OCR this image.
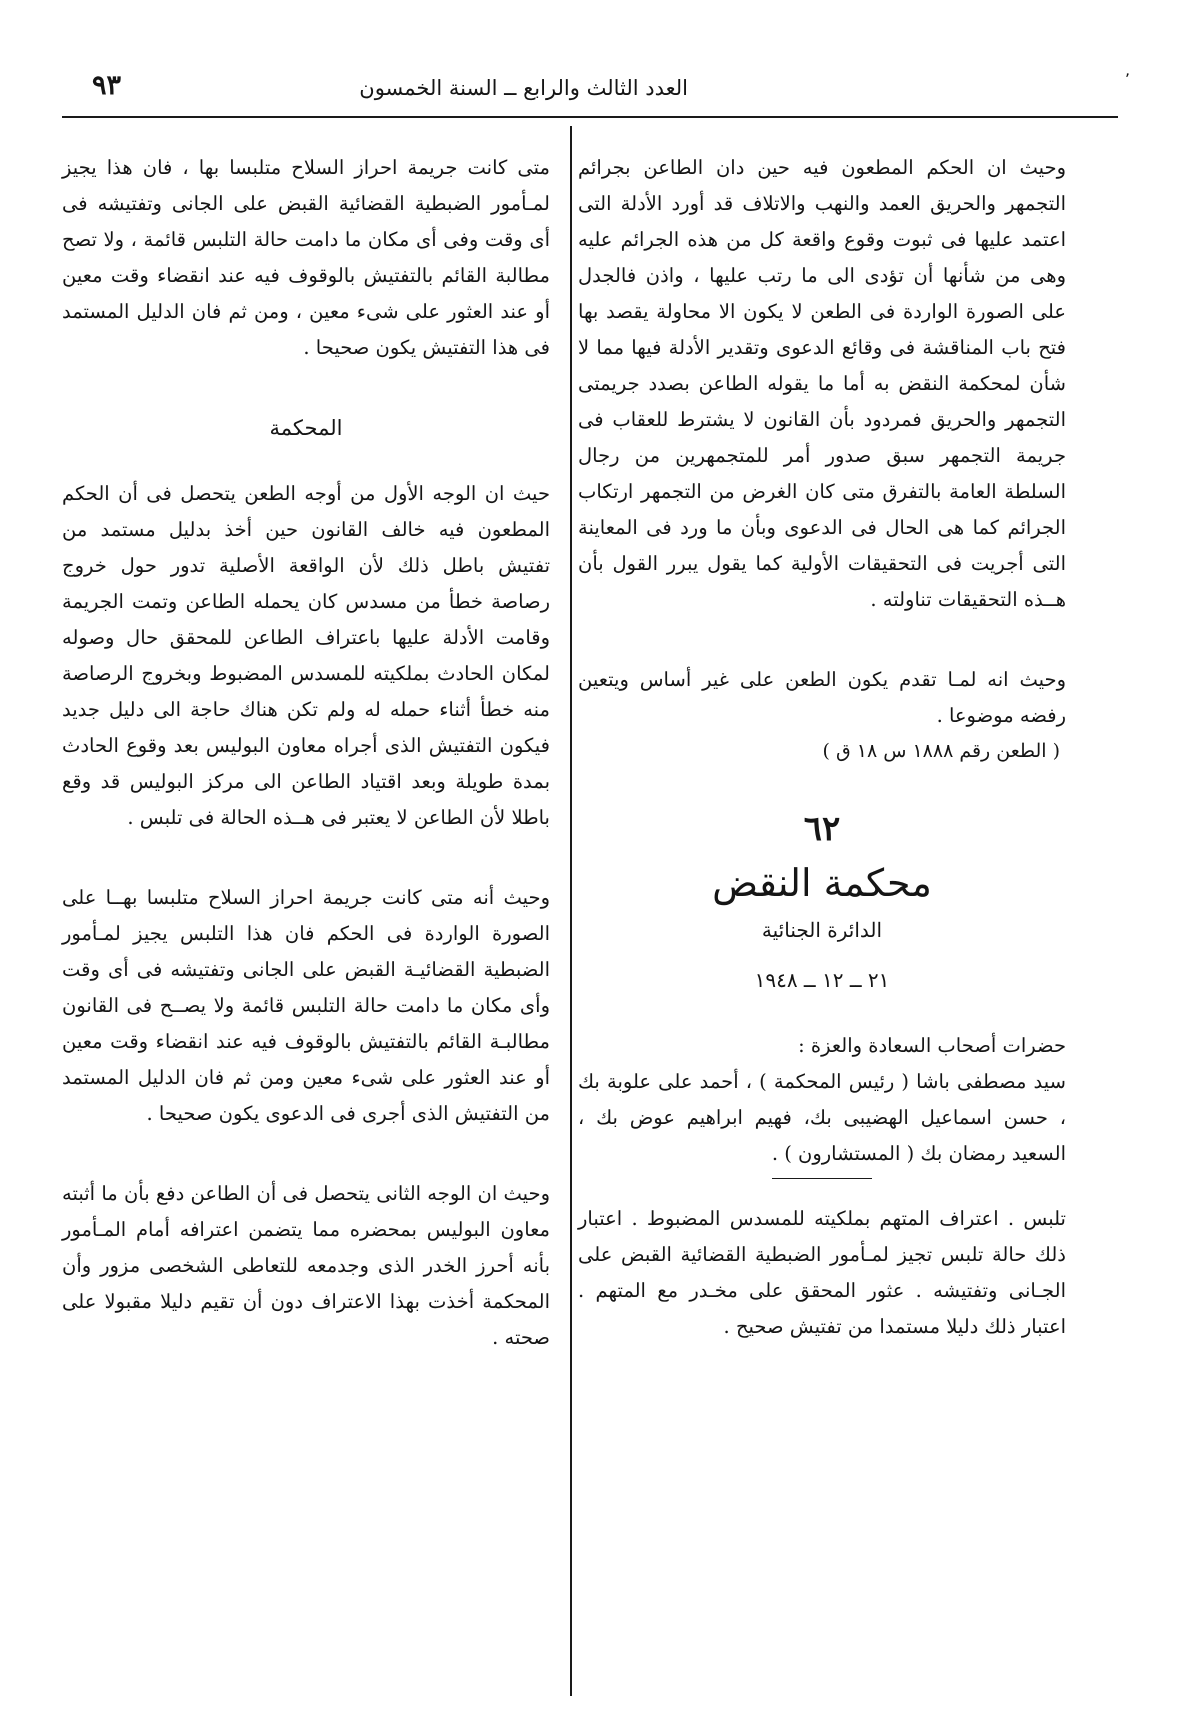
٬
العدد الثالث والرابع ــ السنة الخمسون
٩٣

وحيث ان الحكم المطعون فيه حين دان الطاعن بجرائم التجمهر والحريق العمد والنهب والاتلاف قد أورد الأدلة التى اعتمد عليها فى ثبوت وقوع واقعة كل من هذه الجرائم عليه وهى من شأنها أن تؤدى الى ما رتب عليها ، واذن فالجدل على الصورة الواردة فى الطعن لا يكون الا محاولة يقصد بها فتح باب المناقشة فى وقائع الدعوى وتقدير الأدلة فيها مما لا شأن لمحكمة النقض به أما ما يقوله الطاعن بصدد جريمتى التجمهر والحريق فمردود بأن القانون لا يشترط للعقاب فى جريمة التجمهر سبق صدور أمر للمتجمهرين من رجال السلطة العامة بالتفرق متى كان الغرض من التجمهر ارتكاب الجرائم كما هى الحال فى الدعوى وبأن ما ورد فى المعاينة التى أجريت فى التحقيقات الأولية كما يقول يبرر القول بأن هــذه التحقيقات تناولته .

وحيث انه لمـا تقدم يكون الطعن على غير أساس ويتعين رفضه موضوعا .

( الطعن رقم ١٨٨٨ س ١٨ ق )

٦٢

محكمة النقض

الدائرة الجنائية

٢١ ــ ١٢ ــ ١٩٤٨

حضرات أصحاب السعادة والعزة :

سيد مصطفى باشا ( رئيس المحكمة ) ، أحمد على علوبة بك ، حسن اسماعيل الهضيبى بك، فهيم ابراهيم عوض بك ، السعيد رمضان بك ( المستشارون ) .

تلبس . اعتراف المتهم بملكيته للمسدس المضبوط . اعتبار ذلك حالة تلبس تجيز لمـأمور الضبطية القضائية القبض على الجـانى وتفتيشه . عثور المحقق على مخـدر مع المتهم . اعتبار ذلك دليلا مستمدا من تفتيش صحيح .

متى كانت جريمة احراز السلاح متلبسا بها ، فان هذا يجيز لمـأمور الضبطية القضائية القبض على الجانى وتفتيشه فى أى وقت وفى أى مكان ما دامت حالة التلبس قائمة ، ولا تصح مطالبة القائم بالتفتيش بالوقوف فيه عند انقضاء وقت معين أو عند العثور على شىء معين ، ومن ثم فان الدليل المستمد فى هذا التفتيش يكون صحيحا .

المحكمة

حيث ان الوجه الأول من أوجه الطعن يتحصل فى أن الحكم المطعون فيه خالف القانون حين أخذ بدليل مستمد من تفتيش باطل ذلك لأن الواقعة الأصلية تدور حول خروج رصاصة خطأ من مسدس كان يحمله الطاعن وتمت الجريمة وقامت الأدلة عليها باعتراف الطاعن للمحقق حال وصوله لمكان الحادث بملكيته للمسدس المضبوط وبخروج الرصاصة منه خطأ أثناء حمله له ولم تكن هناك حاجة الى دليل جديد فيكون التفتيش الذى أجراه معاون البوليس بعد وقوع الحادث بمدة طويلة وبعد اقتياد الطاعن الى مركز البوليس قد وقع باطلا لأن الطاعن لا يعتبر فى هــذه الحالة فى تلبس .

وحيث أنه متى كانت جريمة احراز السلاح متلبسا بهــا على الصورة الواردة فى الحكم فان هذا التلبس يجيز لمـأمور الضبطية القضائيـة القبض على الجانى وتفتيشه فى أى وقت وأى مكان ما دامت حالة التلبس قائمة ولا يصــح فى القانون مطالبـة القائم بالتفتيش بالوقوف فيه عند انقضاء وقت معين أو عند العثور على شىء معين ومن ثم فان الدليل المستمد من التفتيش الذى أجرى فى الدعوى يكون صحيحا .

وحيث ان الوجه الثانى يتحصل فى أن الطاعن دفع بأن ما أثبته معاون البوليس بمحضره مما يتضمن اعترافه أمام المـأمور بأنه أحرز الخدر الذى وجدمعه للتعاطى الشخصى مزور وأن المحكمة أخذت بهذا الاعتراف دون أن تقيم دليلا مقبولا على صحته .
